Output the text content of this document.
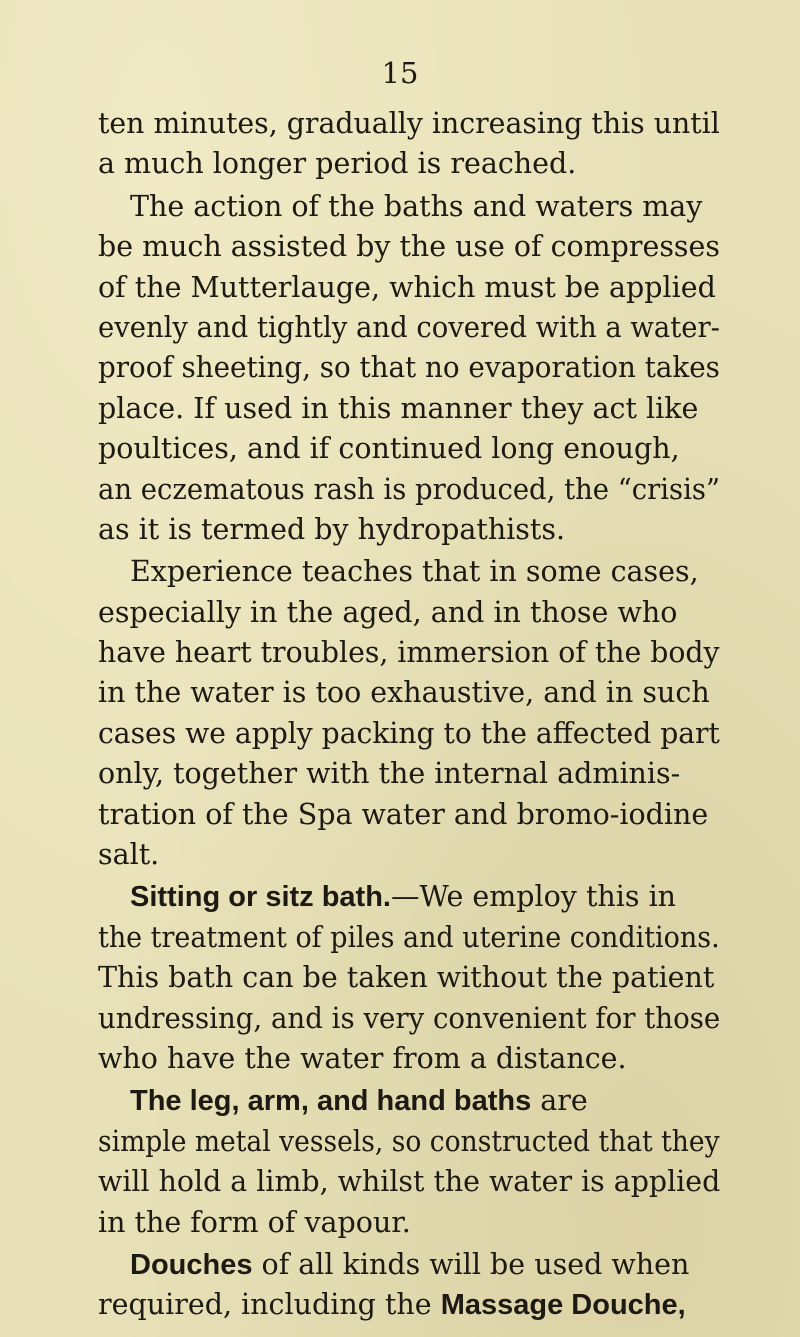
15
ten minutes, gradually increasing this until
a much longer period is reached.
The action of the baths and waters may
be much assisted by the use of compresses
of the Mutterlauge, which must be applied
evenly and tightly and covered with a water-
proof sheeting, so that no evaporation takes
place. If used in this manner they act like
poultices, and if continued long enough,
an eczematous rash is produced, the “crisis”
as it is termed by hydropathists.
Experience teaches that in some cases,
especially in the aged, and in those who
have heart troubles, immersion of the body
in the water is too exhaustive, and in such
cases we apply packing to the affected part
only, together with the internal adminis-
tration of the Spa water and bromo-iodine
salt.
Sitting or sitz bath.—We employ this in
the treatment of piles and uterine conditions.
This bath can be taken without the patient
undressing, and is very convenient for those
who have the water from a distance.
The leg, arm, and hand baths are
simple metal vessels, so constructed that they
will hold a limb, whilst the water is applied
in the form of vapour.
Douches of all kinds will be used when
required, including the Massage Douche,
